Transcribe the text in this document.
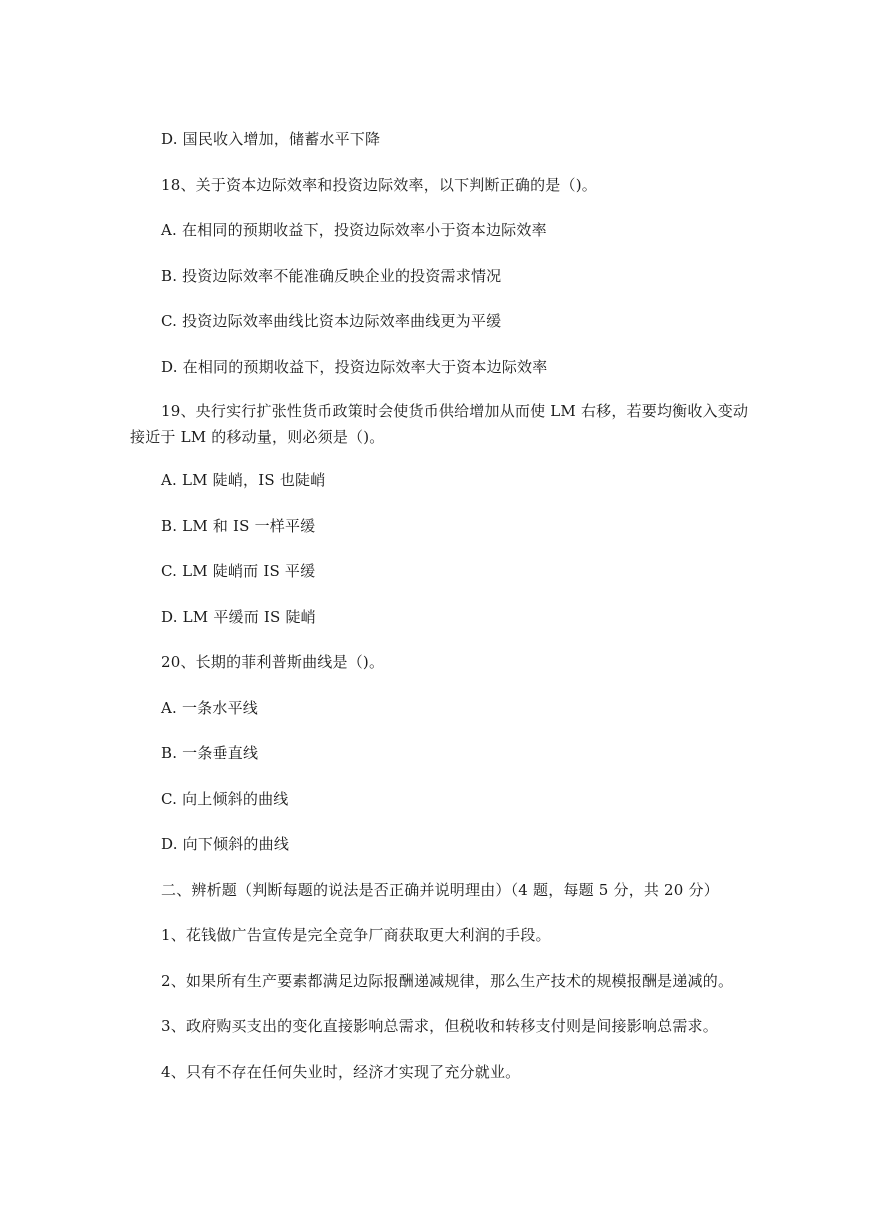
D. 国民收入增加，储蓄水平下降
18、关于资本边际效率和投资边际效率，以下判断正确的是（)。
A. 在相同的预期收益下，投资边际效率小于资本边际效率
B. 投资边际效率不能准确反映企业的投资需求情况
C. 投资边际效率曲线比资本边际效率曲线更为平缓
D. 在相同的预期收益下，投资边际效率大于资本边际效率
19、央行实行扩张性货币政策时会使货币供给增加从而使 LM 右移，若要均衡收入变动接近于 LM 的移动量，则必须是（)。
A. LM 陡峭，IS 也陡峭
B. LM 和 IS 一样平缓
C. LM 陡峭而 IS 平缓
D. LM 平缓而 IS 陡峭
20、长期的菲利普斯曲线是（)。
A. 一条水平线
B. 一条垂直线
C. 向上倾斜的曲线
D. 向下倾斜的曲线
二、辨析题（判断每题的说法是否正确并说明理由）（4 题，每题 5 分，共 20 分）
1、花钱做广告宣传是完全竞争厂商获取更大利润的手段。
2、如果所有生产要素都满足边际报酬递减规律，那么生产技术的规模报酬是递减的。
3、政府购买支出的变化直接影响总需求，但税收和转移支付则是间接影响总需求。
4、只有不存在任何失业时，经济才实现了充分就业。
